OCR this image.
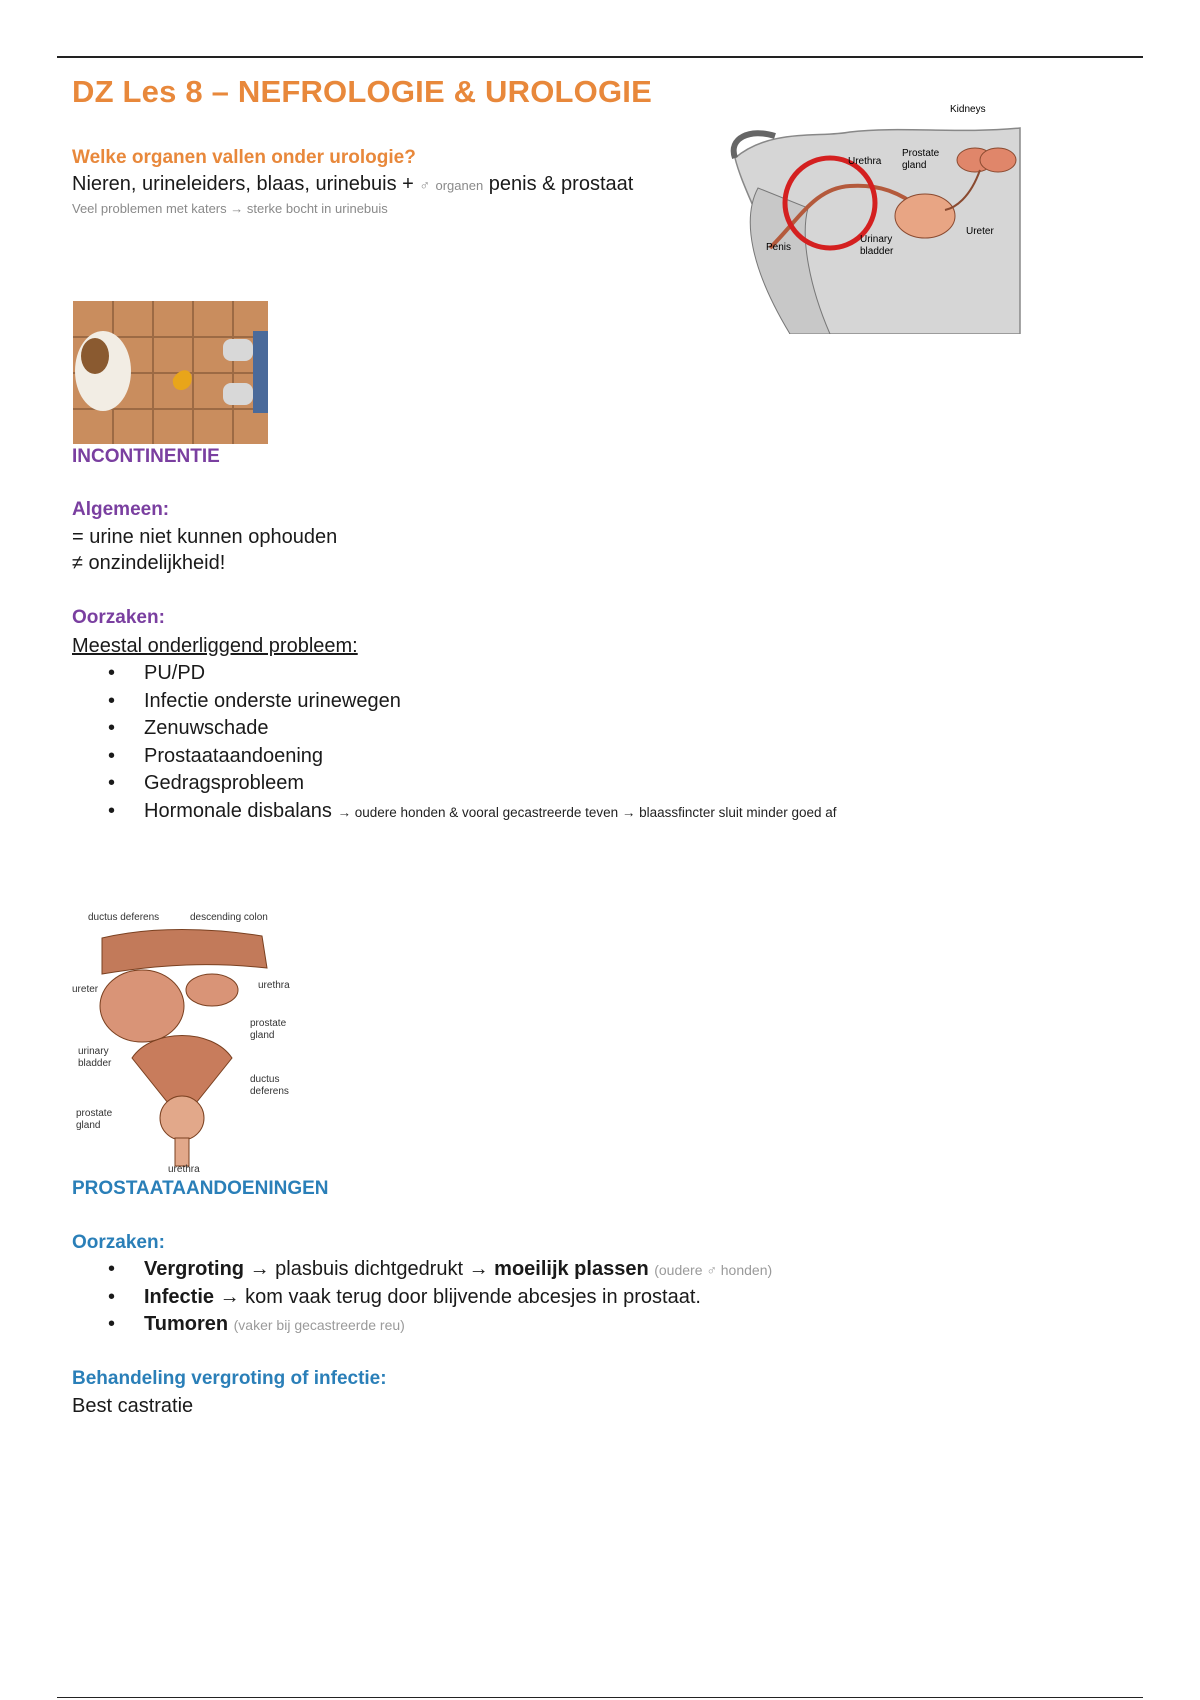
DZ Les 8 – NEFROLOGIE & UROLOGIE
Welke organen vallen onder urologie?
Nieren, urineleiders, blaas, urinebuis + ♂ organen penis & prostaat
Veel problemen met katers → sterke bocht in urinebuis
Kidneys
Prostate
gland
Ureter
Penis
Urinary
bladder
Urethra
INCONTINENTIE
Algemeen:
= urine niet kunnen ophouden
≠ onzindelijkheid!
Oorzaken:
Meestal onderliggend probleem:
• PU/PD
• Infectie onderste urinewegen
• Zenuwschade
• Prostaataandoening
• Gedragsprobleem
• Hormonale disbalans → oudere honden & vooral gecastreerde teven → blaassfincter sluit minder goed af
ductus deferens	descending colon
ureter	urethra
prostate
gland
urinary
bladder
ductus
deferens
prostate
gland
urethra
PROSTAATAANDOENINGEN
Oorzaken:
• Vergroting → plasbuis dichtgedrukt → moeilijk plassen (oudere ♂ honden)
• Infectie → kom vaak terug door blijvende abcesjes in prostaat.
• Tumoren (vaker bij gecastreerde reu)
Behandeling vergroting of infectie:
Best castratie
